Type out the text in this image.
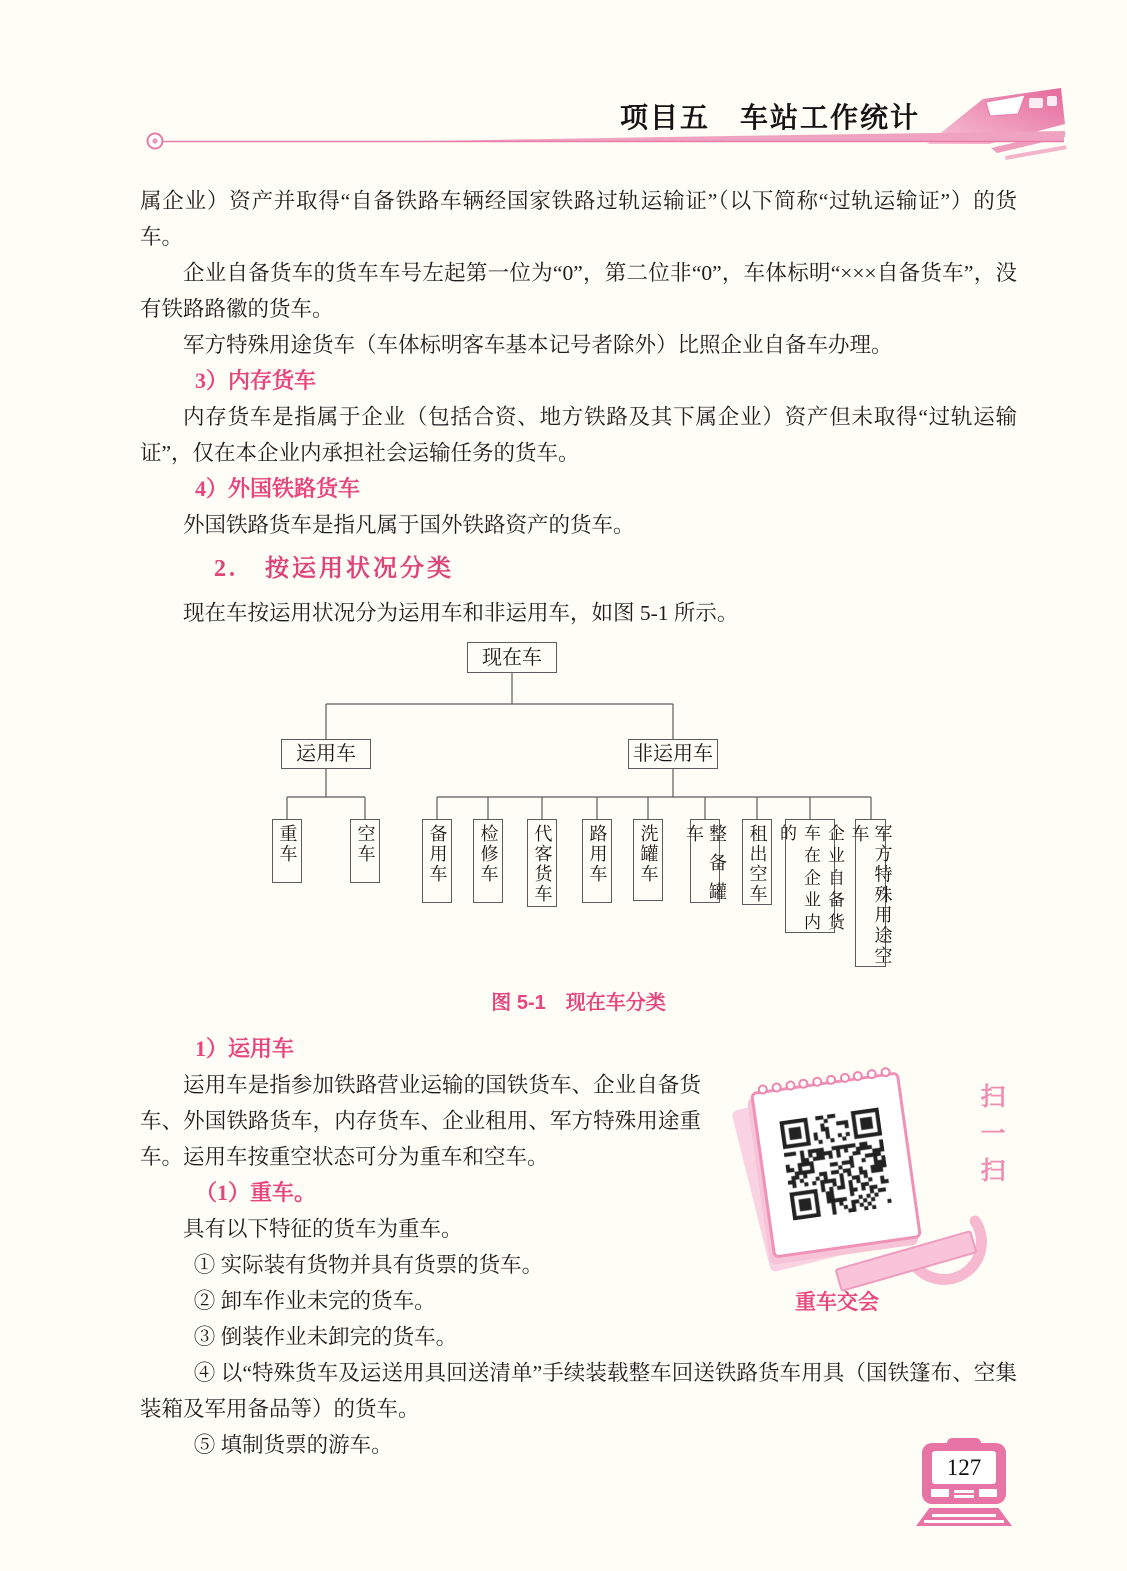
项目五　车站工作统计

属企业）资产并取得“自备铁路车辆经国家铁路过轨运输证”（以下简称“过轨运输证”）的货车。

企业自备货车的货车车号左起第一位为“0”，第二位非“0”，车体标明“×××自备货车”，没有铁路路徽的货车。

军方特殊用途货车（车体标明客车基本记号者除外）比照企业自备车办理。

3）内存货车

内存货车是指属于企业（包括合资、地方铁路及其下属企业）资产但未取得“过轨运输证”，仅在本企业内承担社会运输任务的货车。

4）外国铁路货车

外国铁路货车是指凡属于国外铁路资产的货车。

2.　按运用状况分类

现在车按运用状况分为运用车和非运用车，如图 5-1 所示。

现在车
运用车	非运用车
重车	空车	备用车	检修车	代客货车	路用车	洗罐车	整备罐车	租出空车	企业自备货车在企业内的	军方特殊用途空车

图 5-1　现在车分类

1）运用车

扫一扫
重车交会

运用车是指参加铁路营业运输的国铁货车、企业自备货车、外国铁路货车，内存货车、企业租用、军方特殊用途重车。运用车按重空状态可分为重车和空车。

（1）重车。

具有以下特征的货车为重车。

① 实际装有货物并具有货票的货车。

② 卸车作业未完的货车。

③ 倒装作业未卸完的货车。

④ 以“特殊货车及运送用具回送清单”手续装载整车回送铁路货车用具（国铁篷布、空集装箱及军用备品等）的货车。

⑤ 填制货票的游车。

127
